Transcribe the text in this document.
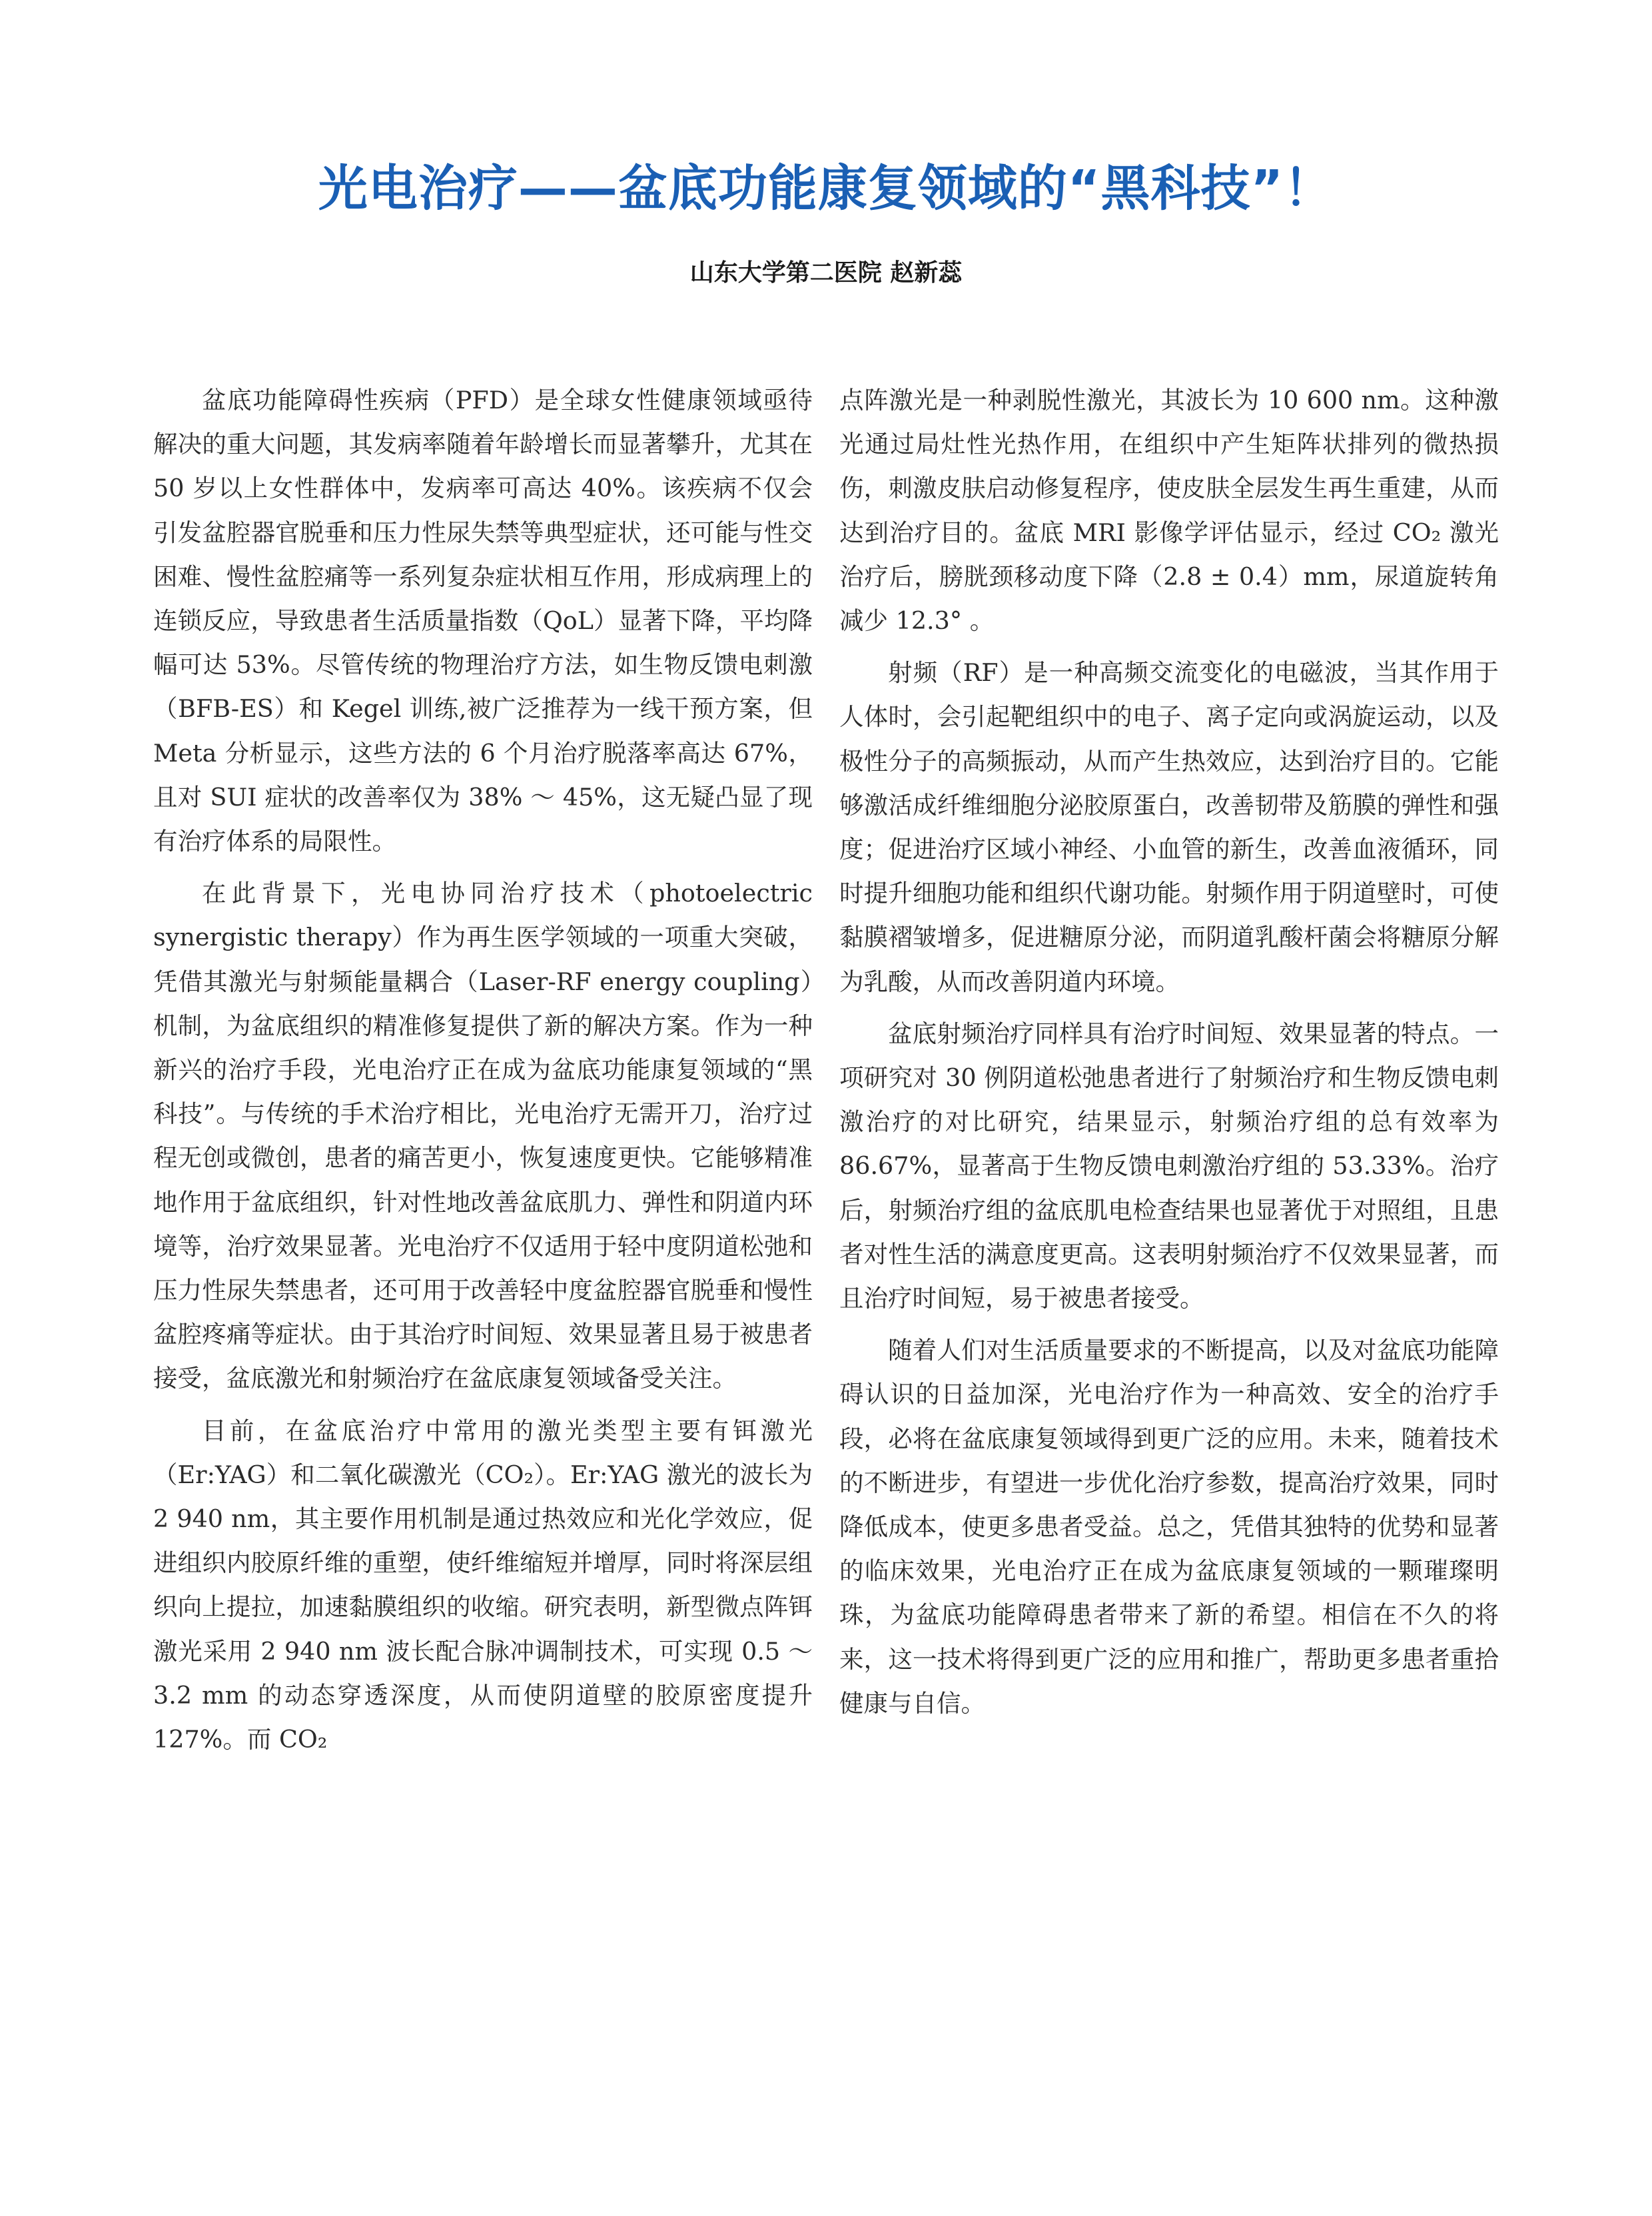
光电治疗——盆底功能康复领域的“黑科技”！
山东大学第二医院 赵新蕊

盆底功能障碍性疾病（PFD）是全球女性健康领域亟待解决的重大问题，其发病率随着年龄增长而显著攀升，尤其在 50 岁以上女性群体中，发病率可高达 40%。该疾病不仅会引发盆腔器官脱垂和压力性尿失禁等典型症状，还可能与性交困难、慢性盆腔痛等一系列复杂症状相互作用，形成病理上的连锁反应，导致患者生活质量指数（QoL）显著下降，平均降幅可达 53%。尽管传统的物理治疗方法，如生物反馈电刺激（BFB-ES）和 Kegel 训练,被广泛推荐为一线干预方案，但 Meta 分析显示，这些方法的 6 个月治疗脱落率高达 67%，且对 SUI 症状的改善率仅为 38% ～ 45%，这无疑凸显了现有治疗体系的局限性。

在此背景下，光电协同治疗技术（photoelectric synergistic therapy）作为再生医学领域的一项重大突破，凭借其激光与射频能量耦合（Laser-RF energy coupling）机制，为盆底组织的精准修复提供了新的解决方案。作为一种新兴的治疗手段，光电治疗正在成为盆底功能康复领域的“黑科技”。与传统的手术治疗相比，光电治疗无需开刀，治疗过程无创或微创，患者的痛苦更小，恢复速度更快。它能够精准地作用于盆底组织，针对性地改善盆底肌力、弹性和阴道内环境等，治疗效果显著。光电治疗不仅适用于轻中度阴道松弛和压力性尿失禁患者，还可用于改善轻中度盆腔器官脱垂和慢性盆腔疼痛等症状。由于其治疗时间短、效果显著且易于被患者接受，盆底激光和射频治疗在盆底康复领域备受关注。

目前，在盆底治疗中常用的激光类型主要有铒激光（Er:YAG）和二氧化碳激光（CO₂）。Er:YAG 激光的波长为 2 940 nm，其主要作用机制是通过热效应和光化学效应，促进组织内胶原纤维的重塑，使纤维缩短并增厚，同时将深层组织向上提拉，加速黏膜组织的收缩。研究表明，新型微点阵铒激光采用 2 940 nm 波长配合脉冲调制技术，可实现 0.5 ～ 3.2 mm 的动态穿透深度，从而使阴道壁的胶原密度提升 127%。而 CO₂

点阵激光是一种剥脱性激光，其波长为 10 600 nm。这种激光通过局灶性光热作用，在组织中产生矩阵状排列的微热损伤，刺激皮肤启动修复程序，使皮肤全层发生再生重建，从而达到治疗目的。盆底 MRI 影像学评估显示，经过 CO₂ 激光治疗后，膀胱颈移动度下降（2.8 ± 0.4）mm，尿道旋转角减少 12.3° 。

射频（RF）是一种高频交流变化的电磁波，当其作用于人体时，会引起靶组织中的电子、离子定向或涡旋运动，以及极性分子的高频振动，从而产生热效应，达到治疗目的。它能够激活成纤维细胞分泌胶原蛋白，改善韧带及筋膜的弹性和强度；促进治疗区域小神经、小血管的新生，改善血液循环，同时提升细胞功能和组织代谢功能。射频作用于阴道壁时，可使黏膜褶皱增多，促进糖原分泌，而阴道乳酸杆菌会将糖原分解为乳酸，从而改善阴道内环境。

盆底射频治疗同样具有治疗时间短、效果显著的特点。一项研究对 30 例阴道松弛患者进行了射频治疗和生物反馈电刺激治疗的对比研究，结果显示，射频治疗组的总有效率为 86.67%，显著高于生物反馈电刺激治疗组的 53.33%。治疗后，射频治疗组的盆底肌电检查结果也显著优于对照组，且患者对性生活的满意度更高。这表明射频治疗不仅效果显著，而且治疗时间短，易于被患者接受。

随着人们对生活质量要求的不断提高，以及对盆底功能障碍认识的日益加深，光电治疗作为一种高效、安全的治疗手段，必将在盆底康复领域得到更广泛的应用。未来，随着技术的不断进步，有望进一步优化治疗参数，提高治疗效果，同时降低成本，使更多患者受益。总之，凭借其独特的优势和显著的临床效果，光电治疗正在成为盆底康复领域的一颗璀璨明珠，为盆底功能障碍患者带来了新的希望。相信在不久的将来，这一技术将得到更广泛的应用和推广，帮助更多患者重拾健康与自信。
